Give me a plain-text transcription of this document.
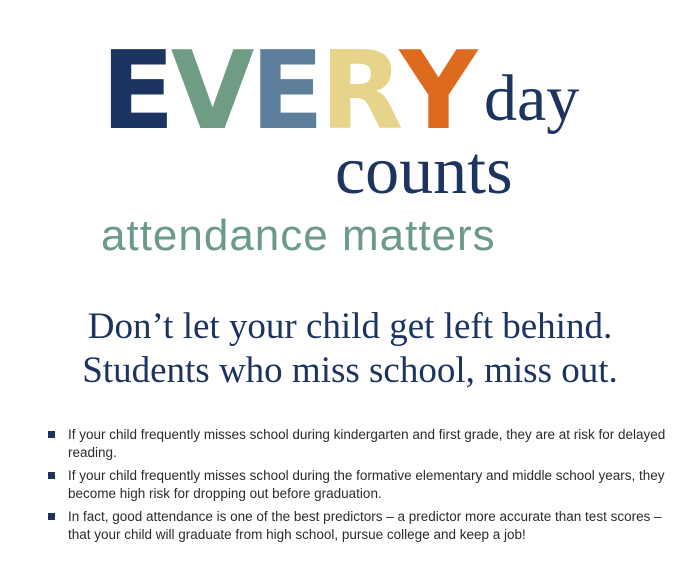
EVERY day
counts
attendance matters
Don’t let your child get left behind.
Students who miss school, miss out.
If your child frequently misses school during kindergarten and first grade, they are at risk for delayed reading.
If your child frequently misses school during the formative elementary and middle school years, they become high risk for dropping out before graduation.
In fact, good attendance is one of the best predictors – a predictor more accurate than test scores – that your child will graduate from high school, pursue college and keep a job!
